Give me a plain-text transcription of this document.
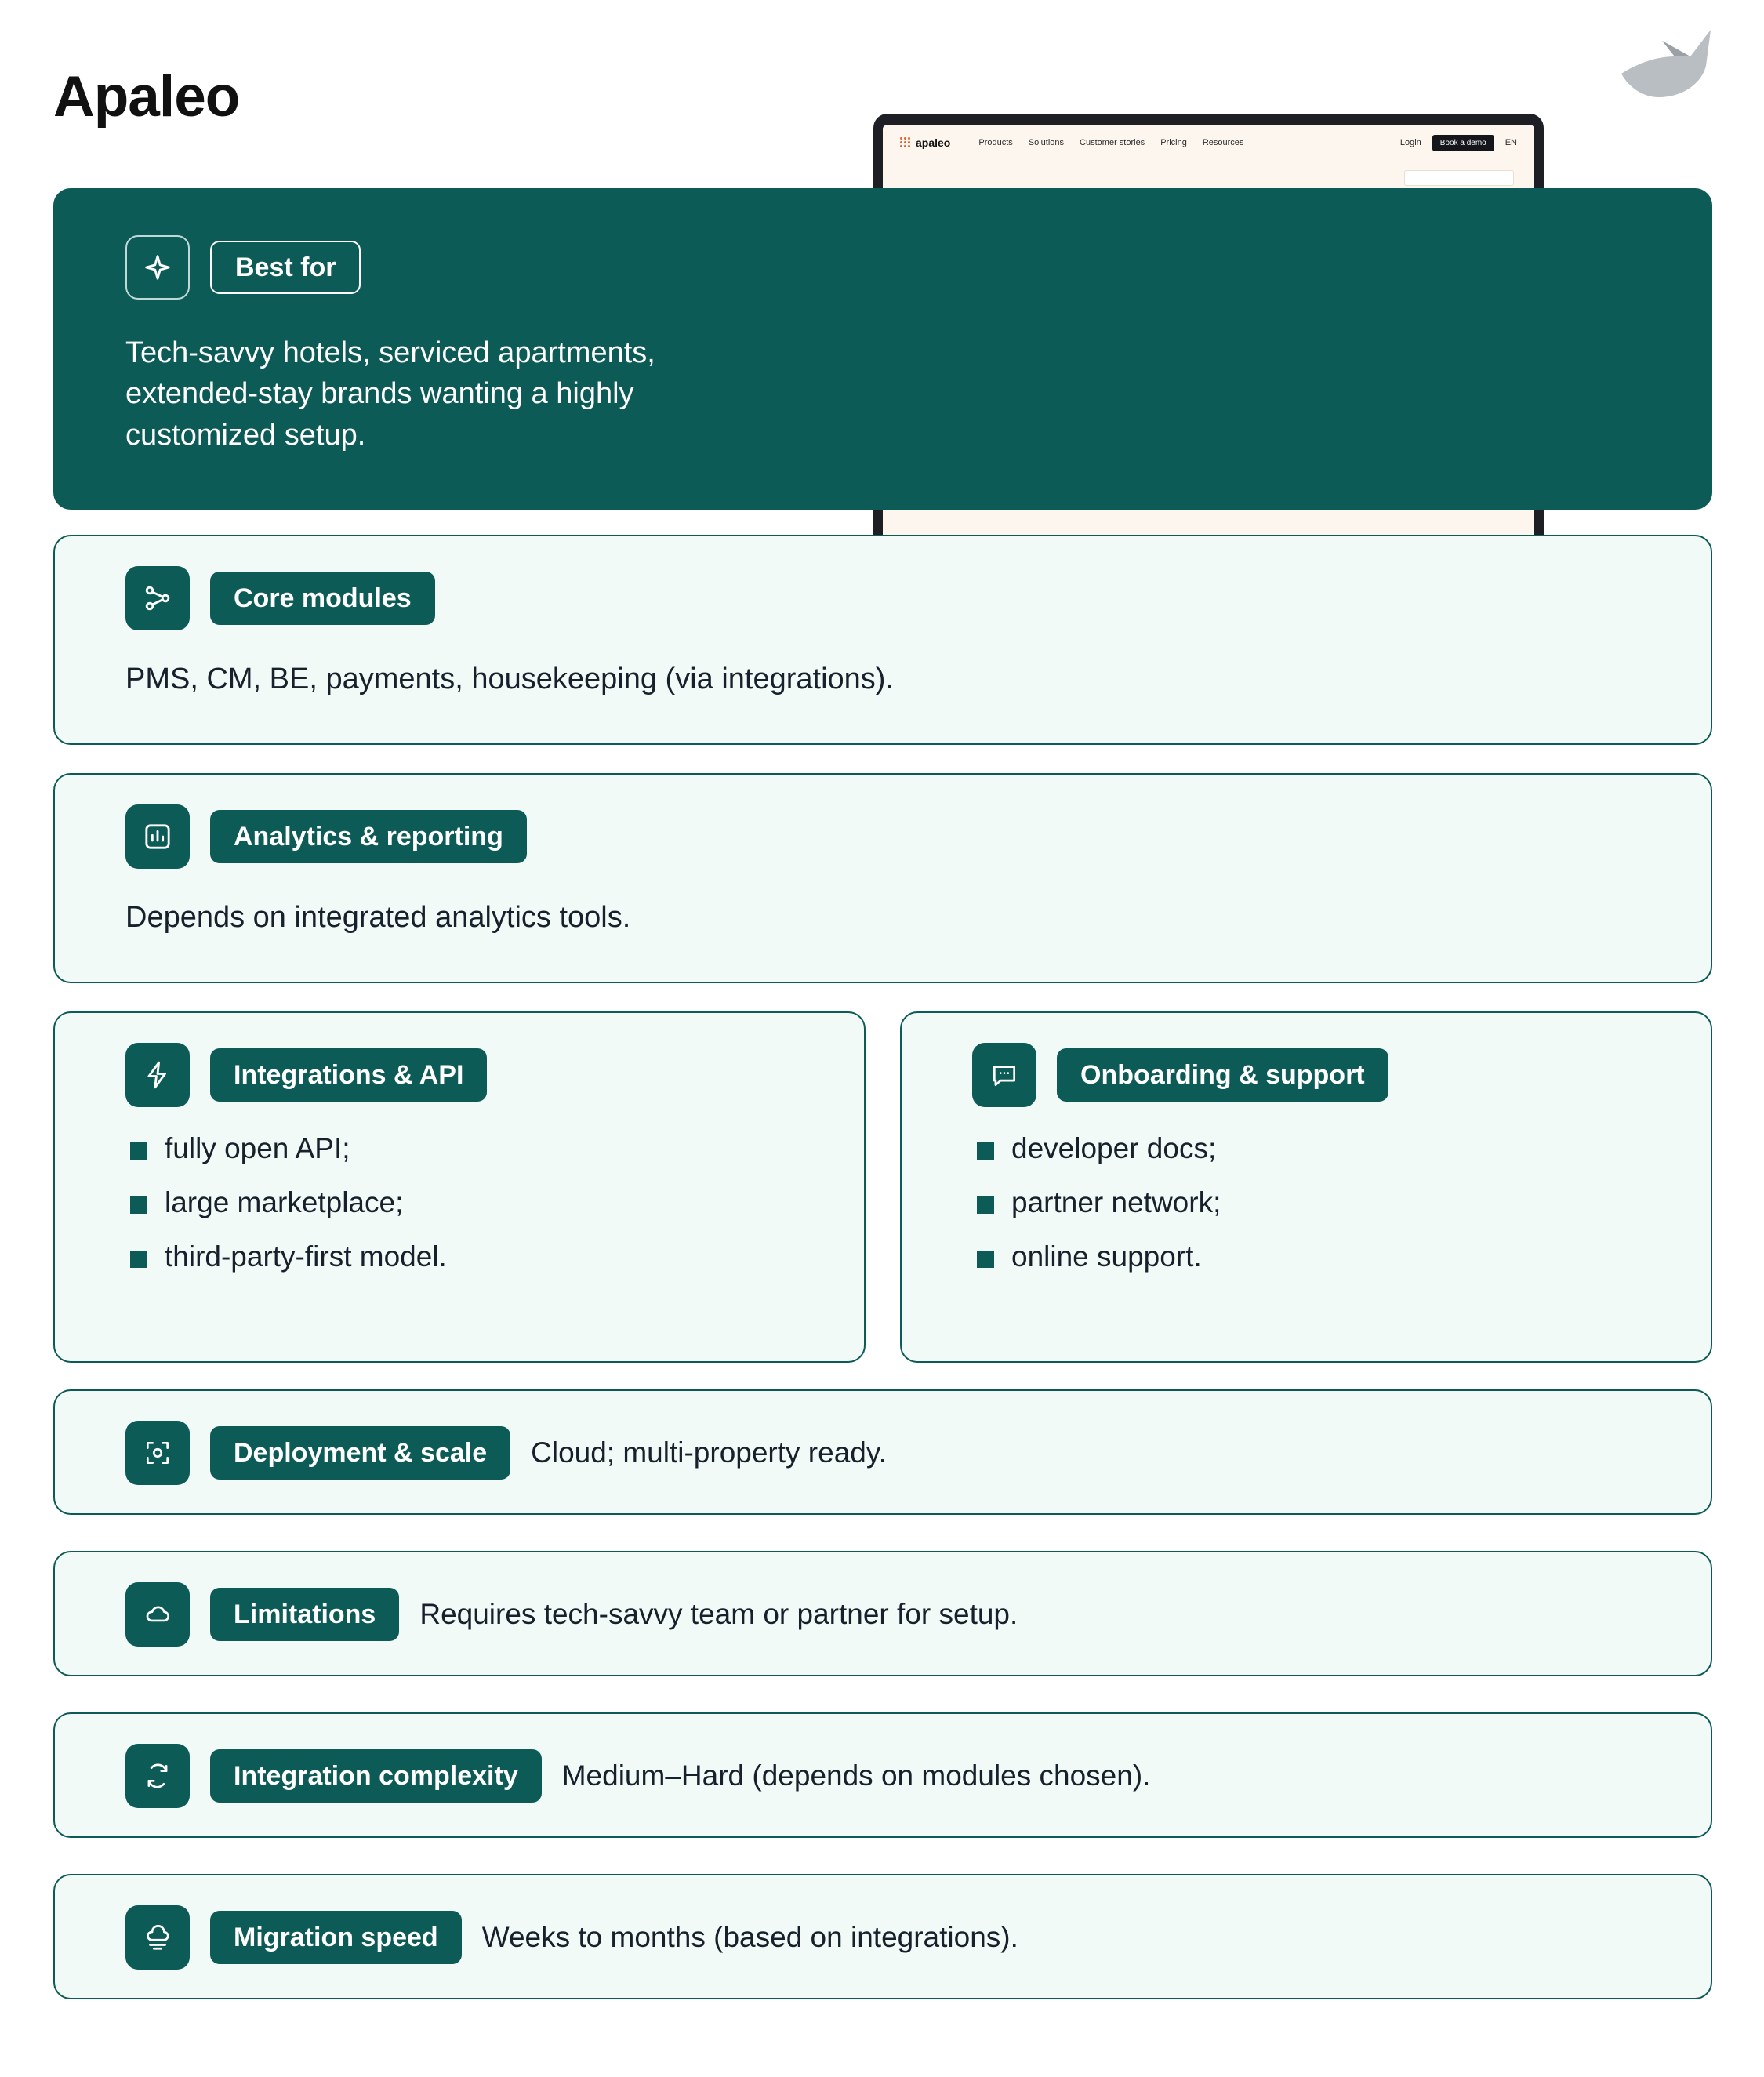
Apaleo
apaleo	Products Solutions Customer stories Pricing Resources	Login	Book a demo	EN
Best for
Tech-savvy hotels, serviced apartments, extended-stay brands wanting a highly customized setup.
Core modules
PMS, CM, BE, payments, housekeeping (via integrations).
Analytics & reporting
Depends on integrated analytics tools.
Integrations & API
fully open API;
large marketplace;
third-party-first model.
Onboarding & support
developer docs;
partner network;
online support.
Deployment & scale	Cloud; multi-property ready.
Limitations	Requires tech-savvy team or partner for setup.
Integration complexity	Medium–Hard (depends on modules chosen).
Migration speed	Weeks to months (based on integrations).
